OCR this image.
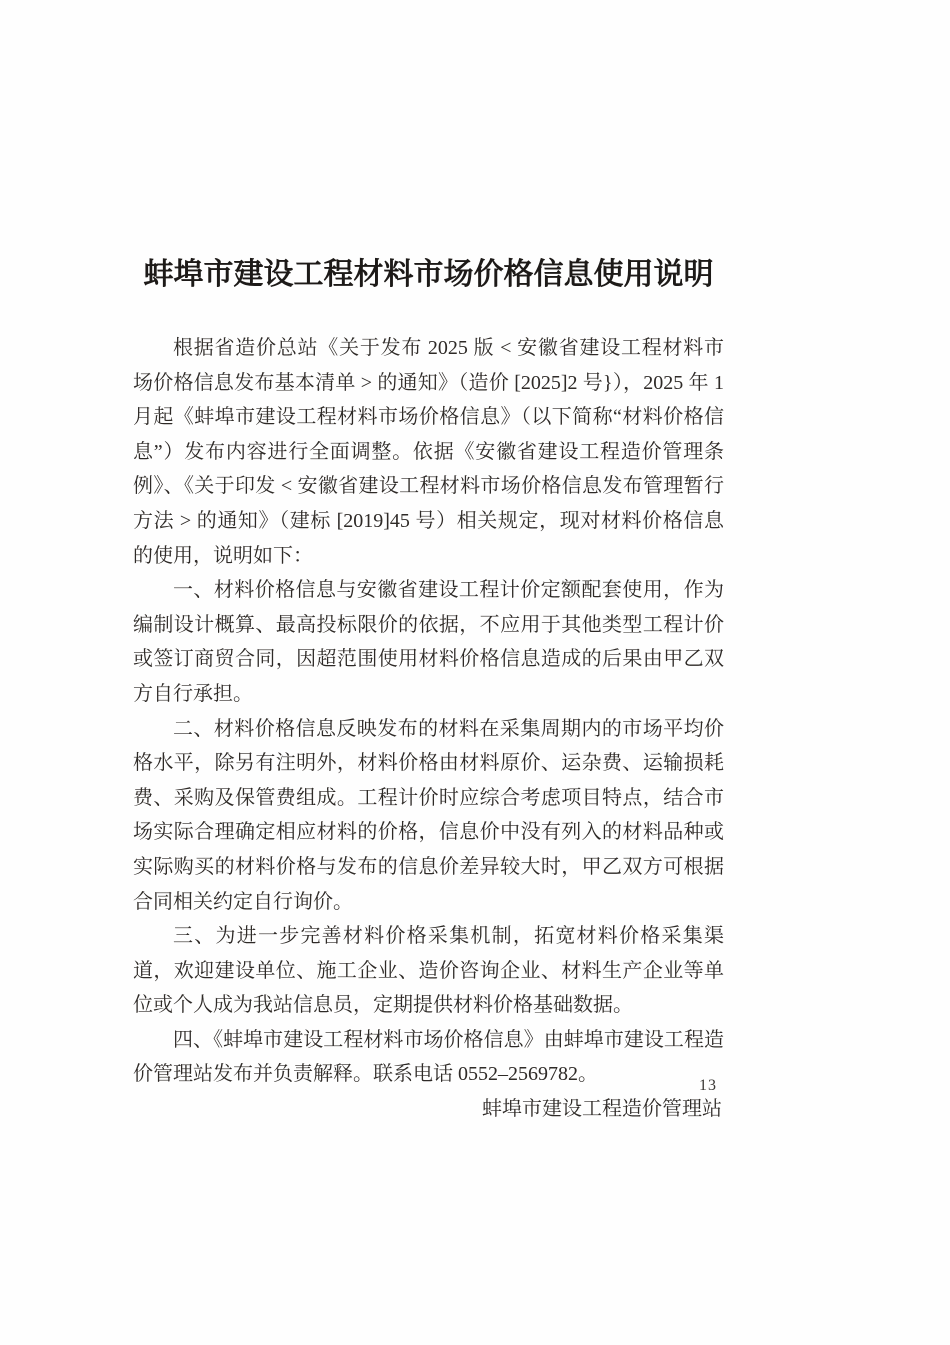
蚌埠市建设工程材料市场价格信息使用说明

根据省造价总站《关于发布 2025 版 < 安徽省建设工程材料市场价格信息发布基本清单 > 的通知》（造价 [2025]2 号}），2025 年 1 月起《蚌埠市建设工程材料市场价格信息》（以下简称“材料价格信息”）发布内容进行全面调整。依据《安徽省建设工程造价管理条例》、《关于印发 < 安徽省建设工程材料市场价格信息发布管理暂行方法 > 的通知》（建标 [2019]45 号）相关规定，现对材料价格信息的使用，说明如下：

一、材料价格信息与安徽省建设工程计价定额配套使用，作为编制设计概算、最高投标限价的依据，不应用于其他类型工程计价或签订商贸合同，因超范围使用材料价格信息造成的后果由甲乙双方自行承担。

二、材料价格信息反映发布的材料在采集周期内的市场平均价格水平，除另有注明外，材料价格由材料原价、运杂费、运输损耗费、采购及保管费组成。工程计价时应综合考虑项目特点，结合市场实际合理确定相应材料的价格，信息价中没有列入的材料品种或实际购买的材料价格与发布的信息价差异较大时，甲乙双方可根据合同相关约定自行询价。

三、为进一步完善材料价格采集机制，拓宽材料价格采集渠道，欢迎建设单位、施工企业、造价咨询企业、材料生产企业等单位或个人成为我站信息员，定期提供材料价格基础数据。

四、《蚌埠市建设工程材料市场价格信息》由蚌埠市建设工程造价管理站发布并负责解释。联系电话 0552–2569782。

蚌埠市建设工程造价管理站
13
